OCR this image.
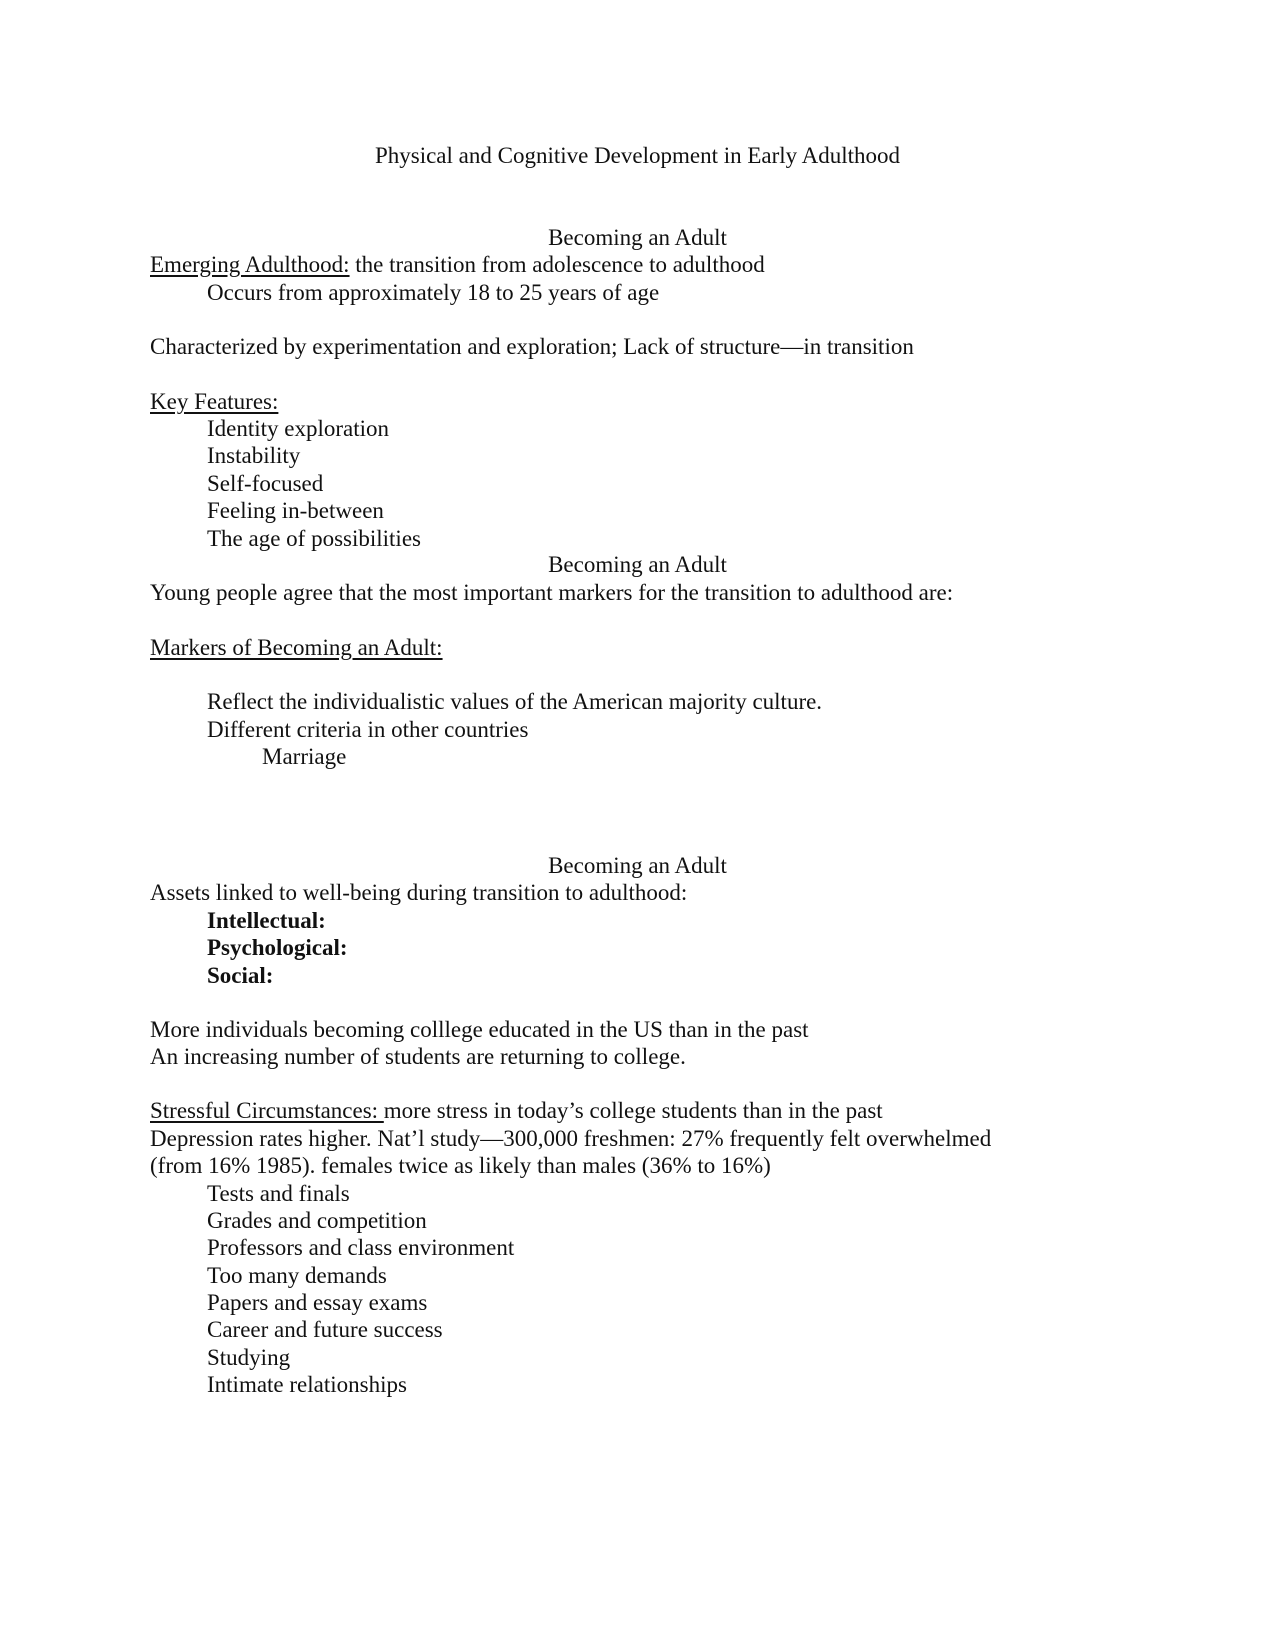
Physical and Cognitive Development in Early Adulthood
Becoming an Adult
Emerging Adulthood: the transition from adolescence to adulthood
Occurs from approximately 18 to 25 years of age
Characterized by experimentation and exploration; Lack of structure—in transition
Key Features:
Identity exploration
Instability
Self-focused
Feeling in-between
The age of possibilities
Becoming an Adult
Young people agree that the most important markers for the transition to adulthood are:
Markers of Becoming an Adult:
Reflect the individualistic values of the American majority culture.
Different criteria in other countries
Marriage
Becoming an Adult
Assets linked to well-being during transition to adulthood:
Intellectual:
Psychological:
Social:
More individuals becoming colllege educated in the US than in the past
An increasing number of students are returning to college.
Stressful Circumstances: more stress in today’s college students than in the past
Depression rates higher. Nat’l study—300,000 freshmen: 27% frequently felt overwhelmed
(from 16% 1985). females twice as likely than males (36% to 16%)
Tests and finals
Grades and competition
Professors and class environment
Too many demands
Papers and essay exams
Career and future success
Studying
Intimate relationships
